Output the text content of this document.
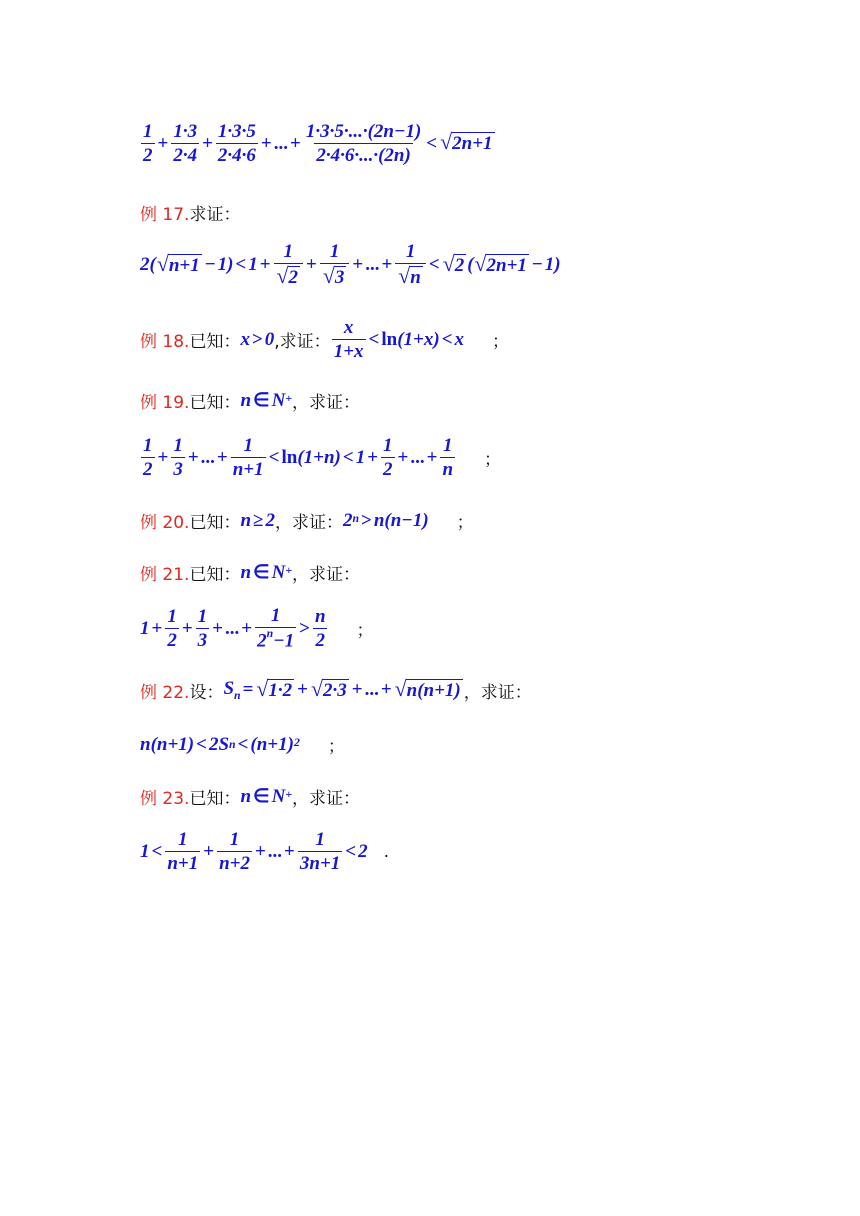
$\frac{1}{2} + \frac{1\cdot 3}{2\cdot 4} + \frac{1\cdot 3\cdot 5}{2\cdot 4\cdot 6}$ + ... + $\frac{1\cdot 3\cdot 5\cdot...\cdot(2n-1)}{2\cdot 4\cdot 6\cdot...\cdot(2n)}$ < √ 2n+1
例 17. 求证：
2( √ $n+1 - 1) < 1 + \frac{1}{√ 2} + \frac{1}{√ 3}$ + ... + $\frac{1}{√ n}$ < √ 2 ( √ 2n+1 − 1)
例 18. 已知： x > 0 ,求证： $\frac{x}{1+x} < \ln (1+x) < x$ ；
例 19. 已知： n ∈ N+ ，求证：
$\frac{1}{2} + \frac{1}{3}$ + ... + $\frac{1}{n+1} < \ln (1+n) < 1 + \frac{1}{2}$ + ... + $\frac{1}{n}$ ；
例 20. 已知： n ≥ 2 ，求证： $2^n > n(n-1)$ ；
例 21. 已知： n ∈ N+ ，求证：
$1 + \frac{1}{2} + \frac{1}{3}$ + ... + $\frac{1}{2^n-1} > \frac{n}{2}$ ；
例 22. 设： $S_n$ = √ 1·2 + √ 2·3 + ... + √ n(n+1) ，求证：
n(n+1) < 2S $n < (n+1)^2$ ；
例 23. 已知： n ∈ N+ ，求证：
$1 < \frac{1}{n+1} + \frac{1}{n+2}$ + ... + $\frac{1}{3n+1} < 2$ .
